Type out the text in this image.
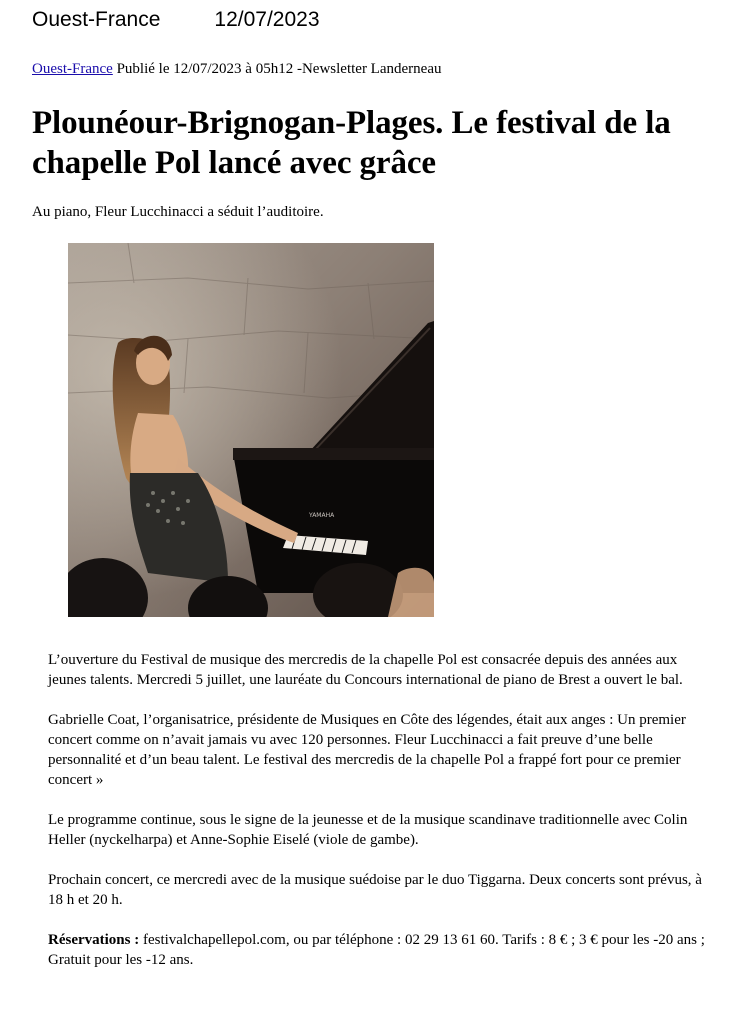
Ouest-France	12/07/2023
Ouest-France Publié le 12/07/2023 à 05h12 -Newsletter Landerneau
Plounéour-Brignogan-Plages. Le festival de la chapelle Pol lancé avec grâce
Au piano, Fleur Lucchinacci a séduit l’auditoire.
YAMAHA

L’ouverture du Festival de musique des mercredis de la chapelle Pol est consacrée depuis des années aux jeunes talents. Mercredi 5 juillet, une lauréate du Concours international de piano de Brest a ouvert le bal.

Gabrielle Coat, l’organisatrice, présidente de Musiques en Côte des légendes, était aux anges : Un premier concert comme on n’avait jamais vu avec 120 personnes. Fleur Lucchinacci a fait preuve d’une belle personnalité et d’un beau talent. Le festival des mercredis de la chapelle Pol a frappé fort pour ce premier concert »

Le programme continue, sous le signe de la jeunesse et de la musique scandinave traditionnelle avec Colin Heller (nyckelharpa) et Anne-Sophie Eiselé (viole de gambe).

Prochain concert, ce mercredi avec de la musique suédoise par le duo Tiggarna. Deux concerts sont prévus, à 18 h et 20 h.

Réservations : festivalchapellepol.com, ou par téléphone : 02 29 13 61 60. Tarifs : 8 € ; 3 € pour les -20 ans ; Gratuit pour les -12 ans.
